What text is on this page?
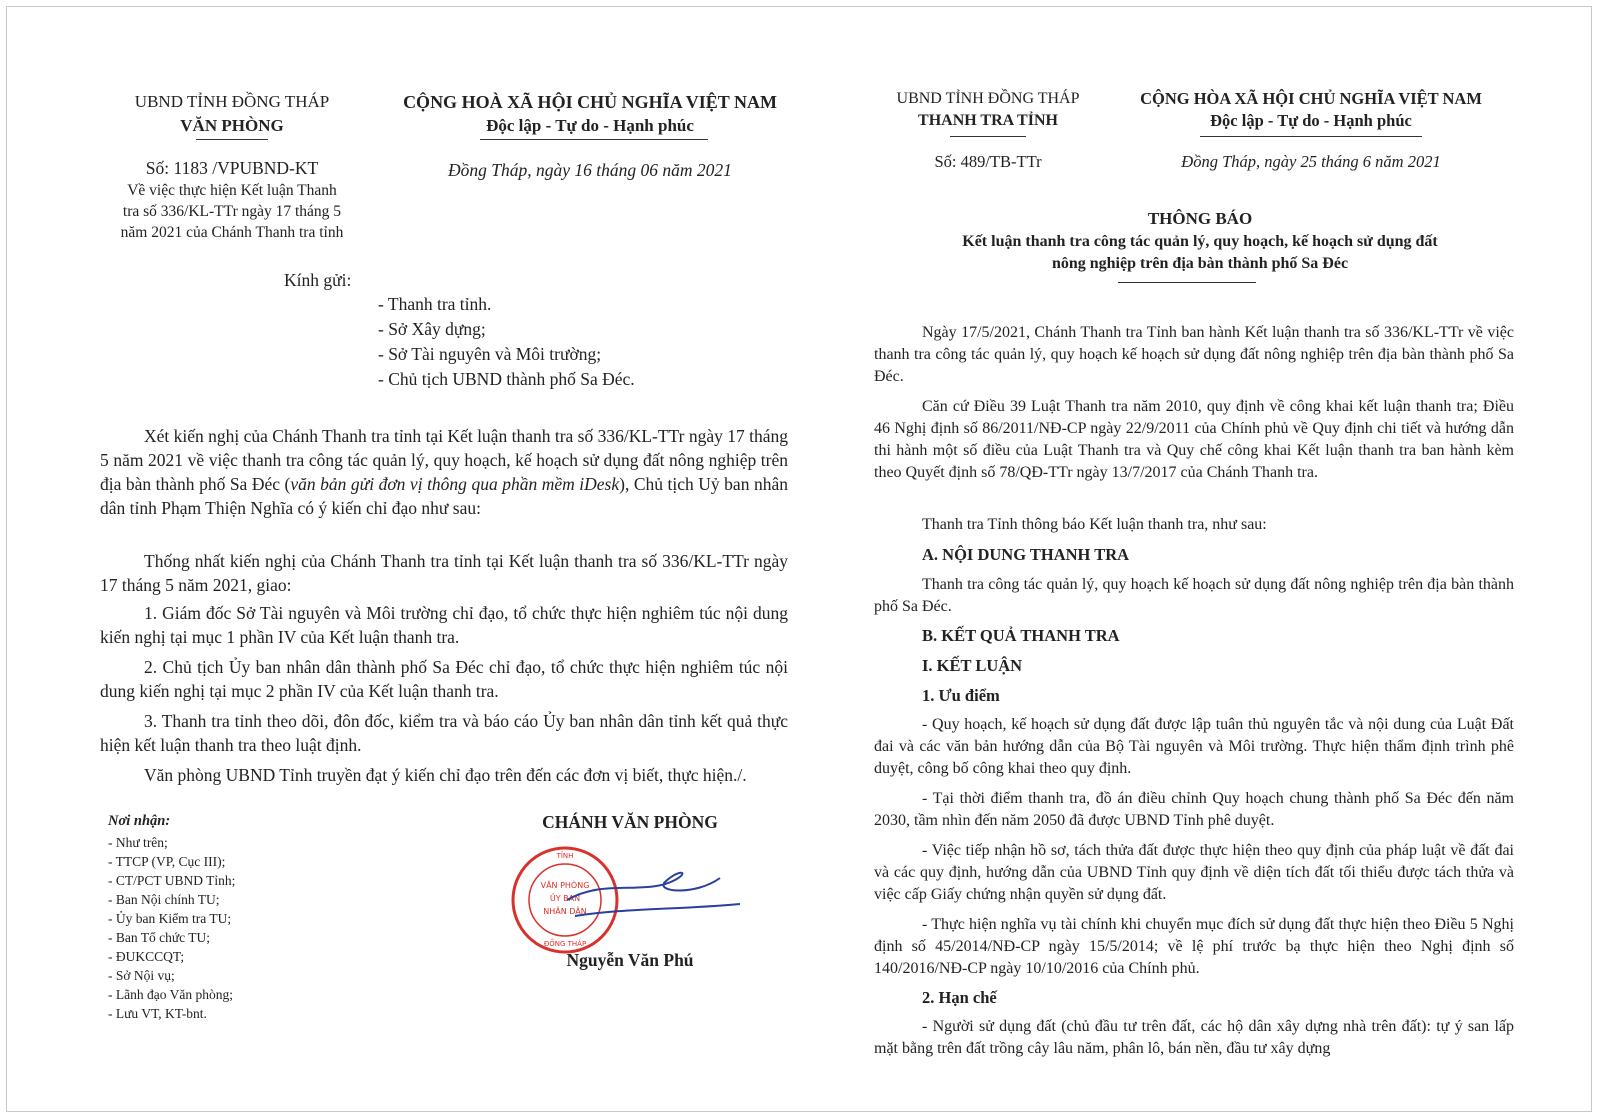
UBND TỈNH ĐỒNG THÁP
VĂN PHÒNG
CỘNG HOÀ XÃ HỘI CHỦ NGHĨA VIỆT NAM
Độc lập - Tự do - Hạnh phúc
Số: 1183 /VPUBND-KT	Đồng Tháp, ngày 16 tháng 06 năm 2021
Về việc thực hiện Kết luận Thanh
tra số 336/KL-TTr ngày 17 tháng 5
năm 2021 của Chánh Thanh tra tỉnh
Kính gửi:
- Thanh tra tỉnh.
- Sở Xây dựng;
- Sở Tài nguyên và Môi trường;
- Chủ tịch UBND thành phố Sa Đéc.
Xét kiến nghị của Chánh Thanh tra tỉnh tại Kết luận thanh tra số 336/KL-TTr ngày 17 tháng 5 năm 2021 về việc thanh tra công tác quản lý, quy hoạch, kế hoạch sử dụng đất nông nghiệp trên địa bàn thành phố Sa Đéc (văn bản gửi đơn vị thông qua phần mềm iDesk), Chủ tịch Uỷ ban nhân dân tỉnh Phạm Thiện Nghĩa có ý kiến chỉ đạo như sau:
Thống nhất kiến nghị của Chánh Thanh tra tỉnh tại Kết luận thanh tra số 336/KL-TTr ngày 17 tháng 5 năm 2021, giao:
1. Giám đốc Sở Tài nguyên và Môi trường chỉ đạo, tổ chức thực hiện nghiêm túc nội dung kiến nghị tại mục 1 phần IV của Kết luận thanh tra.
2. Chủ tịch Ủy ban nhân dân thành phố Sa Đéc chỉ đạo, tổ chức thực hiện nghiêm túc nội dung kiến nghị tại mục 2 phần IV của Kết luận thanh tra.
3. Thanh tra tỉnh theo dõi, đôn đốc, kiểm tra và báo cáo Ủy ban nhân dân tỉnh kết quả thực hiện kết luận thanh tra theo luật định.
Văn phòng UBND Tỉnh truyền đạt ý kiến chỉ đạo trên đến các đơn vị biết, thực hiện./.
Nơi nhận:
- Như trên;
- TTCP (VP, Cục III);
- CT/PCT UBND Tỉnh;
- Ban Nội chính TU;
- Ủy ban Kiểm tra TU;
- Ban Tổ chức TU;
- ĐUKCCQT;
- Sở Nội vụ;
- Lãnh đạo Văn phòng;
- Lưu VT, KT-bnt.
CHÁNH VĂN PHÒNG
VĂN PHÒNG
ỦY BAN
NHÂN DÂN
TỈNH
ĐỒNG THÁP
Nguyễn Văn Phú
UBND TỈNH ĐỒNG THÁP
THANH TRA TỈNH
CỘNG HÒA XÃ HỘI CHỦ NGHĨA VIỆT NAM
Độc lập - Tự do - Hạnh phúc
Số: 489/TB-TTr	Đồng Tháp, ngày 25 tháng 6 năm 2021
THÔNG BÁO
Kết luận thanh tra công tác quản lý, quy hoạch, kế hoạch sử dụng đất
nông nghiệp trên địa bàn thành phố Sa Đéc
Ngày 17/5/2021, Chánh Thanh tra Tỉnh ban hành Kết luận thanh tra số 336/KL-TTr về việc thanh tra công tác quản lý, quy hoạch kế hoạch sử dụng đất nông nghiệp trên địa bàn thành phố Sa Đéc.
Căn cứ Điều 39 Luật Thanh tra năm 2010, quy định về công khai kết luận thanh tra; Điều 46 Nghị định số 86/2011/NĐ-CP ngày 22/9/2011 của Chính phủ về Quy định chi tiết và hướng dẫn thi hành một số điều của Luật Thanh tra và Quy chế công khai Kết luận thanh tra ban hành kèm theo Quyết định số 78/QĐ-TTr ngày 13/7/2017 của Chánh Thanh tra.
Thanh tra Tỉnh thông báo Kết luận thanh tra, như sau:
A. NỘI DUNG THANH TRA
Thanh tra công tác quản lý, quy hoạch kế hoạch sử dụng đất nông nghiệp trên địa bàn thành phố Sa Đéc.
B. KẾT QUẢ THANH TRA
I. KẾT LUẬN
1. Ưu điểm
- Quy hoạch, kế hoạch sử dụng đất được lập tuân thủ nguyên tắc và nội dung của Luật Đất đai và các văn bản hướng dẫn của Bộ Tài nguyên và Môi trường. Thực hiện thẩm định trình phê duyệt, công bố công khai theo quy định.
- Tại thời điểm thanh tra, đồ án điều chỉnh Quy hoạch chung thành phố Sa Đéc đến năm 2030, tầm nhìn đến năm 2050 đã được UBND Tỉnh phê duyệt.
- Việc tiếp nhận hồ sơ, tách thửa đất được thực hiện theo quy định của pháp luật về đất đai và các quy định, hướng dẫn của UBND Tỉnh quy định về diện tích đất tối thiểu được tách thửa và việc cấp Giấy chứng nhận quyền sử dụng đất.
- Thực hiện nghĩa vụ tài chính khi chuyển mục đích sử dụng đất thực hiện theo Điều 5 Nghị định số 45/2014/NĐ-CP ngày 15/5/2014; về lệ phí trước bạ thực hiện theo Nghị định số 140/2016/NĐ-CP ngày 10/10/2016 của Chính phủ.
2. Hạn chế
- Người sử dụng đất (chủ đầu tư trên đất, các hộ dân xây dựng nhà trên đất): tự ý san lấp mặt bằng trên đất trồng cây lâu năm, phân lô, bán nền, đầu tư xây dựng
